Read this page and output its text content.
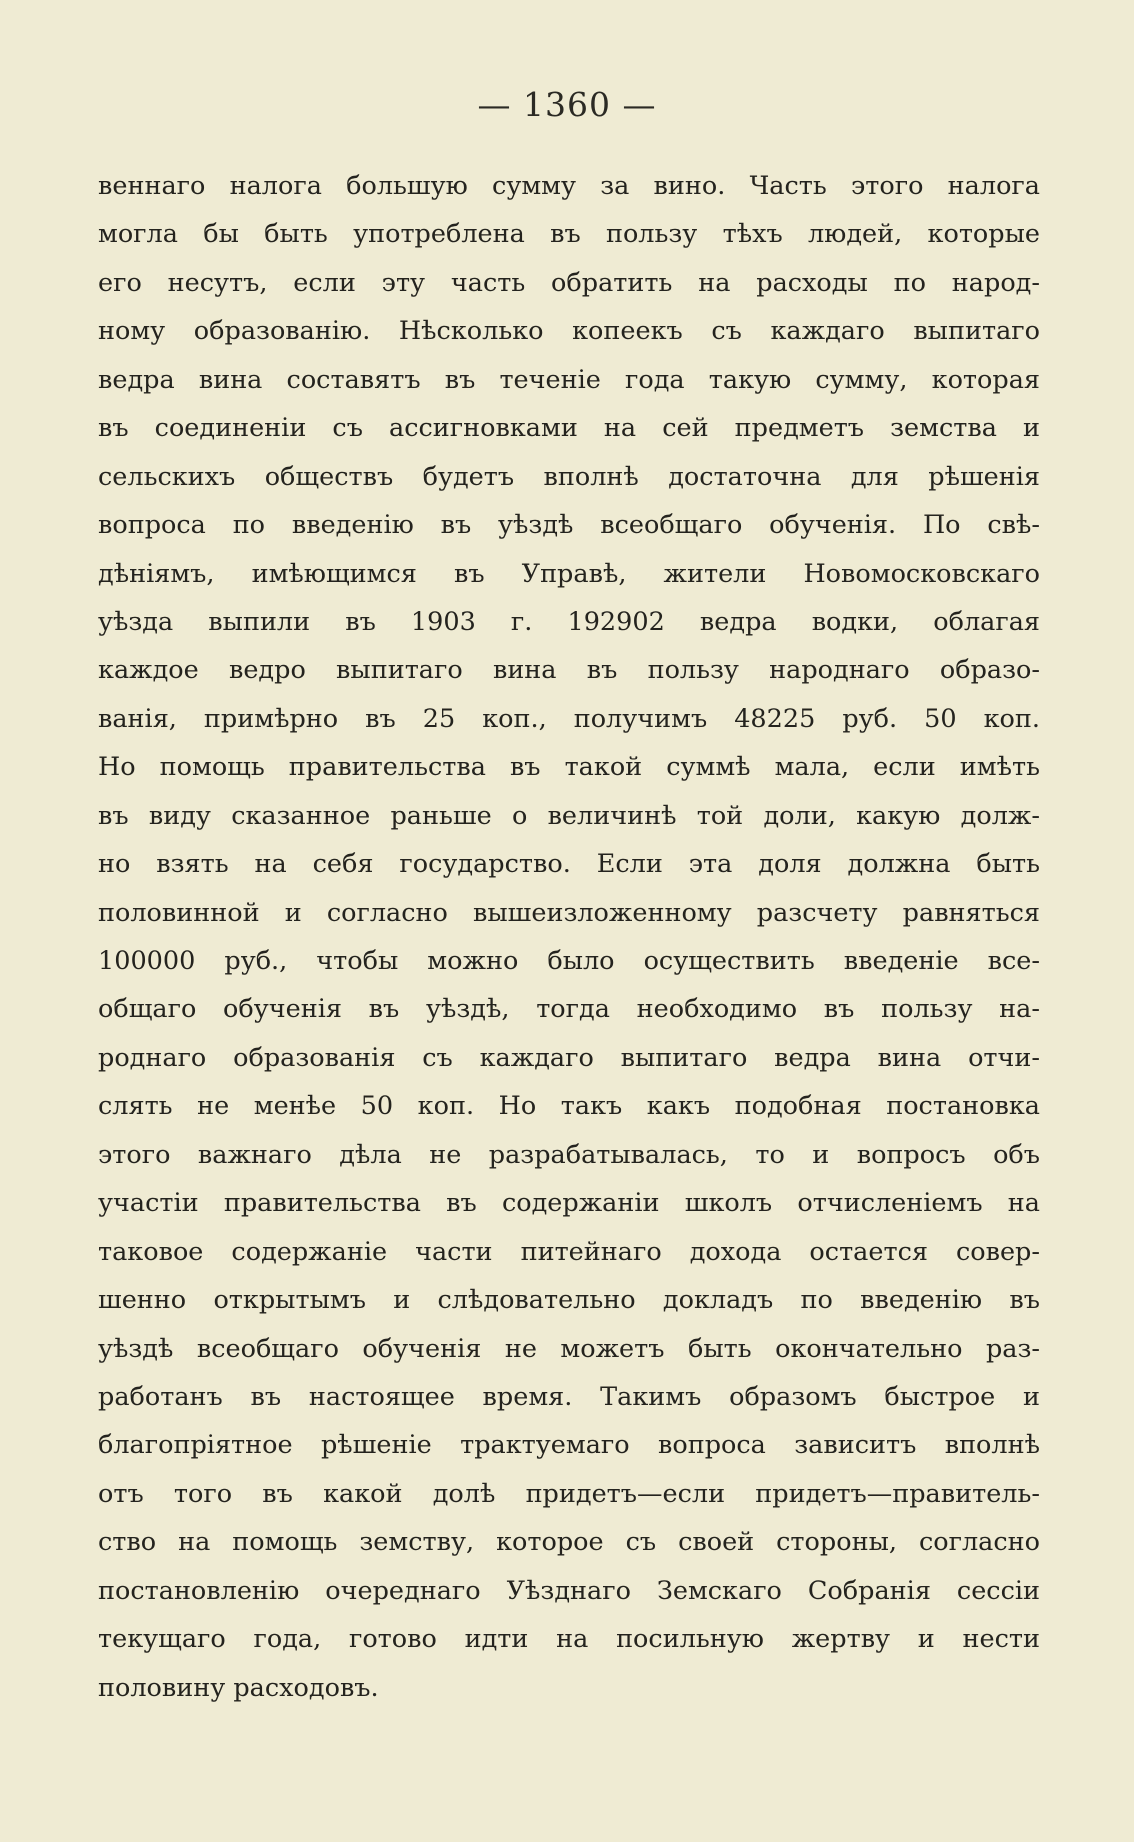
— 1360 —
веннаго налога большую сумму за вино. Часть этого налога
могла бы быть употреблена въ пользу тѣхъ людей, которые
его несутъ, если эту часть обратить на расходы по народ-
ному образованію. Нѣсколько копеекъ съ каждаго выпитаго
ведра вина составятъ въ теченіе года такую сумму, которая
въ соединеніи съ ассигновками на сей предметъ земства и
сельскихъ обществъ будетъ вполнѣ достаточна для рѣшенія
вопроса по введенію въ уѣздѣ всеобщаго обученія. По свѣ-
дѣніямъ, имѣющимся въ Управѣ, жители Новомосковскаго
уѣзда выпили въ 1903 г. 192902 ведра водки, облагая
каждое ведро выпитаго вина въ пользу народнаго образо-
ванія, примѣрно въ 25 коп., получимъ 48225 руб. 50 коп.
Но помощь правительства въ такой суммѣ мала, если имѣть
въ виду сказанное раньше о величинѣ той доли, какую долж-
но взять на себя государство. Если эта доля должна быть
половинной и согласно вышеизложенному разсчету равняться
100000 руб., чтобы можно было осуществить введеніе все-
общаго обученія въ уѣздѣ, тогда необходимо въ пользу на-
роднаго образованія съ каждаго выпитаго ведра вина отчи-
слять не менѣе 50 коп. Но такъ какъ подобная постановка
этого важнаго дѣла не разрабатывалась, то и вопросъ объ
участіи правительства въ содержаніи школъ отчисленіемъ на
таковое содержаніе части питейнаго дохода остается совер-
шенно открытымъ и слѣдовательно докладъ по введенію въ
уѣздѣ всеобщаго обученія не можетъ быть окончательно раз-
работанъ въ настоящее время. Такимъ образомъ быстрое и
благопріятное рѣшеніе трактуемаго вопроса зависитъ вполнѣ
отъ того въ какой долѣ придетъ—если придетъ—правитель-
ство на помощь земству, которое съ своей стороны, согласно
постановленію очереднаго Уѣзднаго Земскаго Собранія сессіи
текущаго года, готово идти на посильную жертву и нести
половину расходовъ.
